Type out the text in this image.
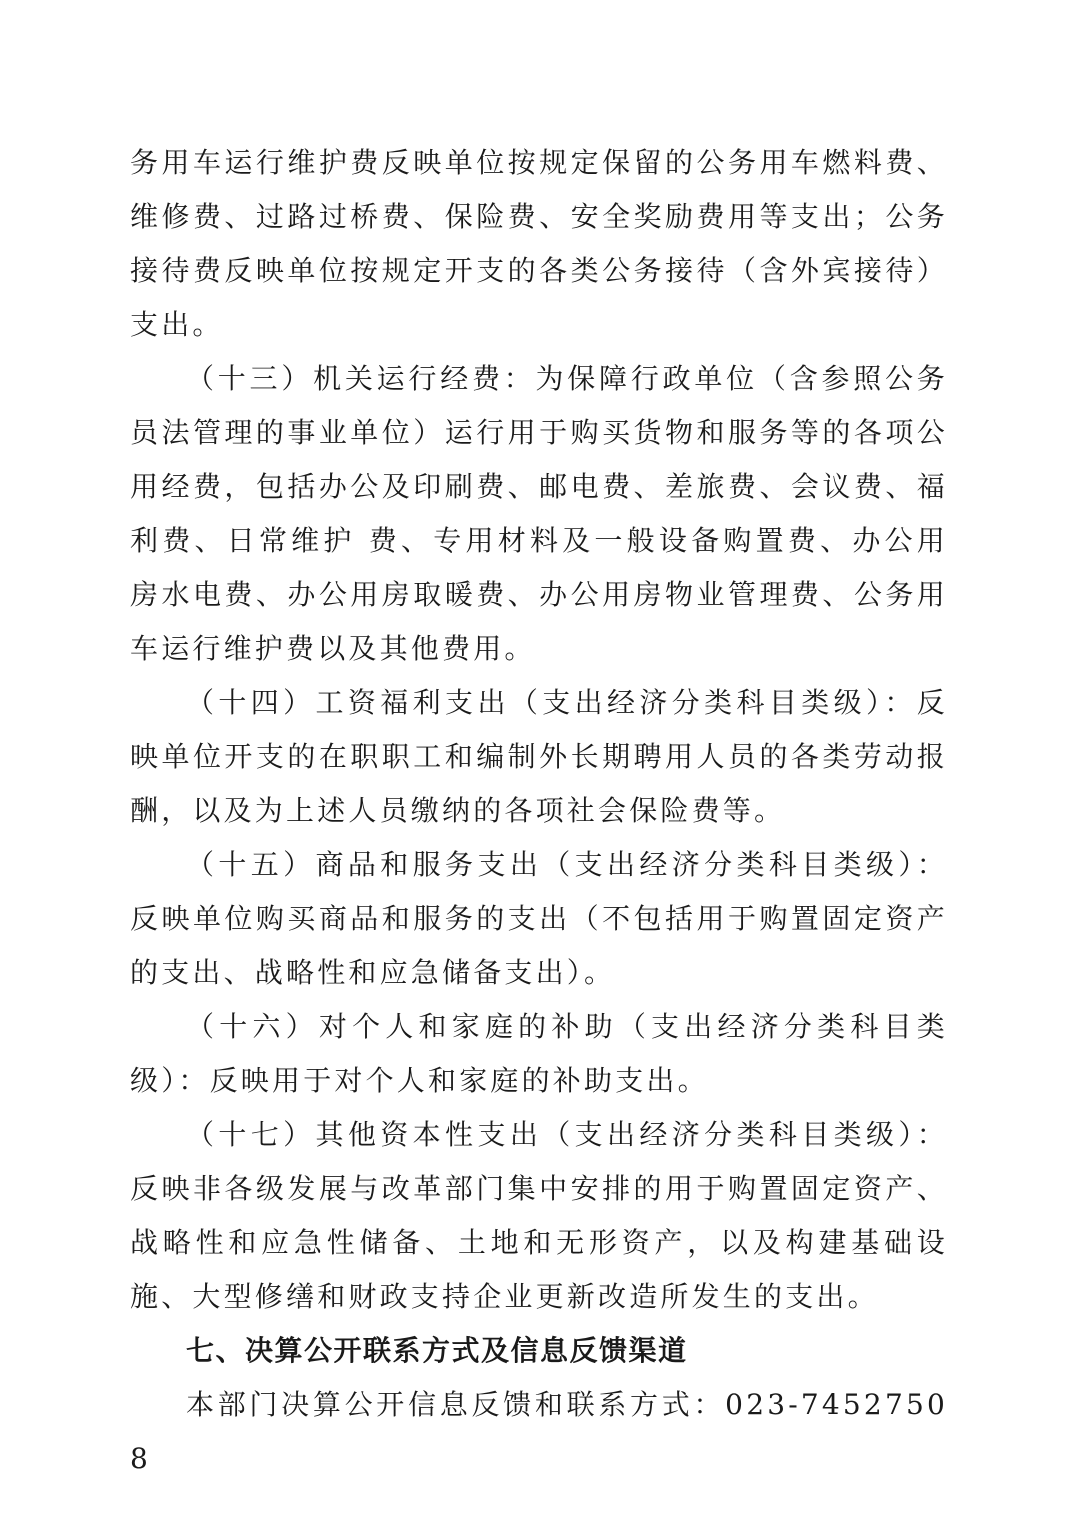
务用车运行维护费反映单位按规定保留的公务用车燃料费、维修费、过路过桥费、保险费、安全奖励费用等支出；公务接待费反映单位按规定开支的各类公务接待（含外宾接待）支出。

（十三）机关运行经费：为保障行政单位（含参照公务员法管理的事业单位）运行用于购买货物和服务等的各项公用经费，包括办公及印刷费、邮电费、差旅费、会议费、福利费、日常维护 费、专用材料及一般设备购置费、办公用房水电费、办公用房取暖费、办公用房物业管理费、公务用车运行维护费以及其他费用。

（十四）工资福利支出（支出经济分类科目类级）：反映单位开支的在职职工和编制外长期聘用人员的各类劳动报酬，以及为上述人员缴纳的各项社会保险费等。

（十五）商品和服务支出（支出经济分类科目类级）：反映单位购买商品和服务的支出（不包括用于购置固定资产的支出、战略性和应急储备支出）。

（十六）对个人和家庭的补助（支出经济分类科目类级）：反映用于对个人和家庭的补助支出。

（十七）其他资本性支出（支出经济分类科目类级）：反映非各级发展与改革部门集中安排的用于购置固定资产、战略性和应急性储备、土地和无形资产，以及构建基础设施、大型修缮和财政支持企业更新改造所发生的支出。

七、决算公开联系方式及信息反馈渠道

本部门决算公开信息反馈和联系方式：023-74527508
